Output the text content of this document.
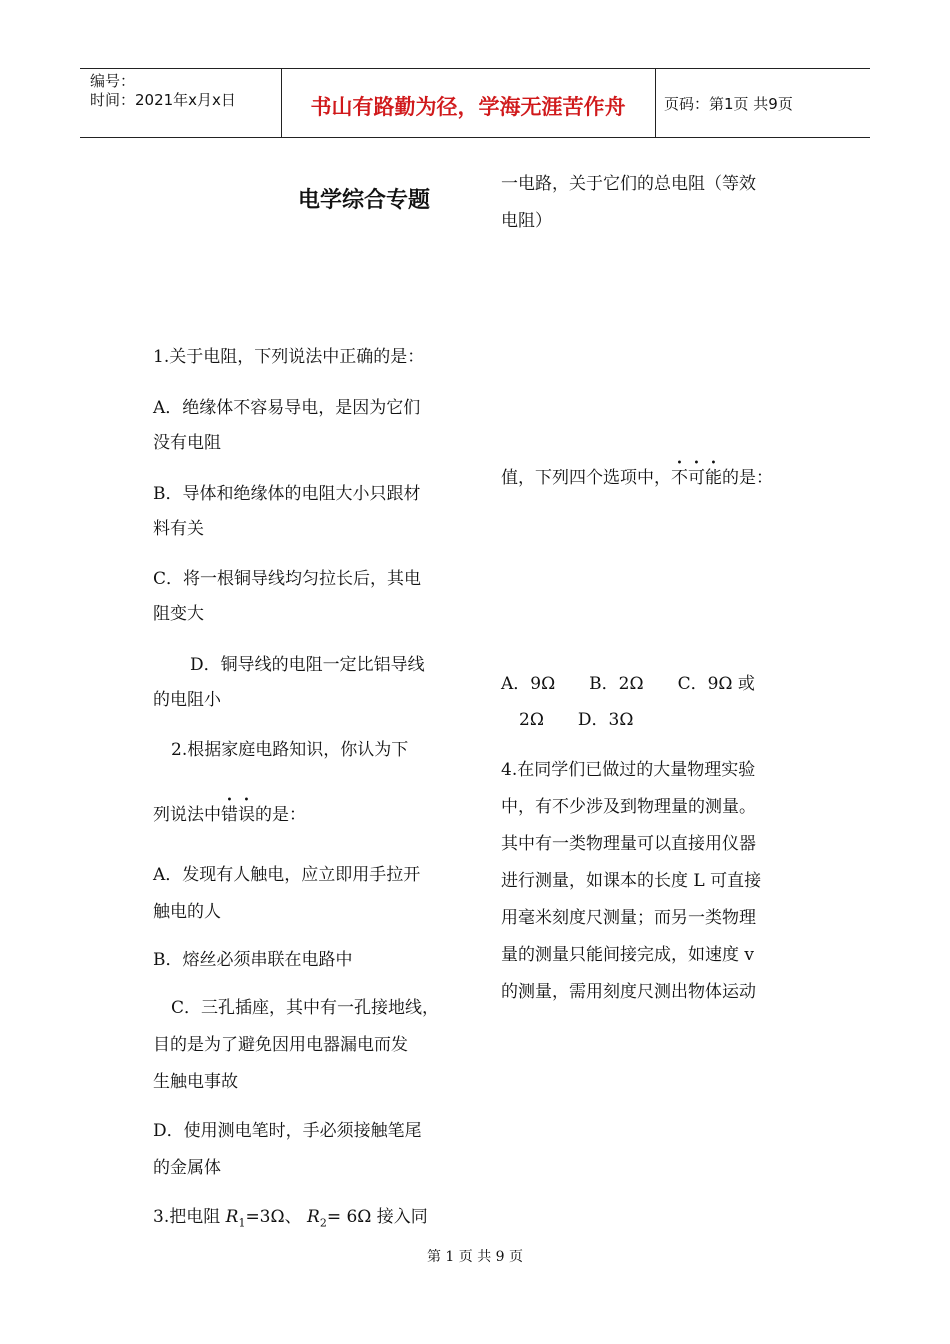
编号：
时间：2021年x月x日	书山有路勤为径，学海无涯苦作舟	页码：第1页 共9页
电学综合专题
1.关于电阻，下列说法中正确的是：
A．绝缘体不容易导电，是因为它们
没有电阻
B．导体和绝缘体的电阻大小只跟材
料有关
C．将一根铜导线均匀拉长后，其电
阻变大
D．铜导线的电阻一定比铝导线
的电阻小
2.根据家庭电路知识，你认为下
列说法中错误的是：
A．发现有人触电，应立即用手拉开
触电的人
B．熔丝必须串联在电路中
C．三孔插座，其中有一孔接地线，
目的是为了避免因用电器漏电而发
生触电事故
D．使用测电笔时，手必须接触笔尾
的金属体
3.把电阻 $R_1=3\Omega$、 $R_2= 6\Omega$ 接入同
一电路，关于它们的总电阻（等效
电阻）
值，下列四个选项中，不可能的是：
A．9Ω　　B．2Ω　　C．9Ω 或
2Ω　　D．3Ω
4.在同学们已做过的大量物理实验
中，有不少涉及到物理量的测量。
其中有一类物理量可以直接用仪器
进行测量，如课本的长度 L 可直接
用毫米刻度尺测量；而另一类物理
量的测量只能间接完成，如速度 v
的测量，需用刻度尺测出物体运动
第 1 页 共 9 页
